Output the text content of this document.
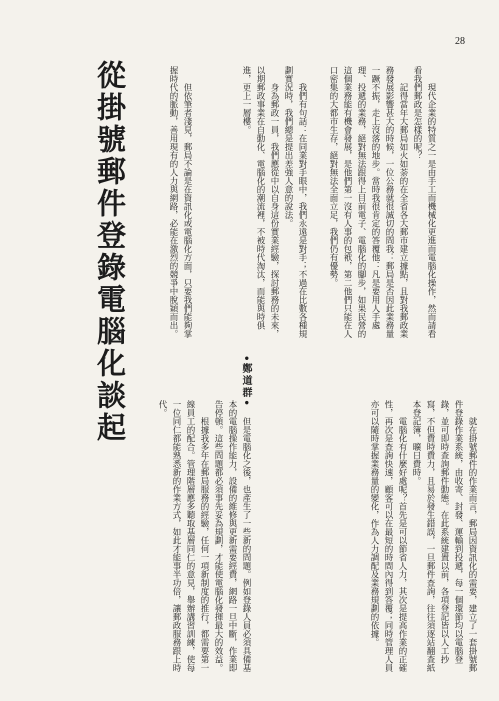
28
從掛號郵件登錄電腦化談起	•鄭道群•

現代企業的特質之一是由手工而機械化更進而電腦化操作，然而請看看我們郵政是怎樣的呢？

記得當年大郵局如火如荼的在全省各大郵市建立據點，且對我郵政業務發展影響甚大的時候，一位公務就很誠切的問我：郵局是否因此業務量一蹶不振，走上沒落的地步。當時我很肯定的答覆他：凡是要用人手處理、投遞的業務，絕對無法跟得上目前電子、電腦化的腳步，如果民營的這個業務能有機會發展，是他們第一沒有人事的包袱，第二他們只能在人口密集的大都市生存，絕對無法全面立足，我們仍有優勢。

我們有句話：在同業對手眼中，我們永遠是對手；不過在比數各種規劃實況時，我們總是提出差強人意的說法。

身為郵政一員，我們應從中以自身這份實業經驗，探討郵務的未來，以期郵政事業在自動化、電腦化的潮流裡，不被時代淘汰，而能與時俱進，更上一層樓。

就在掛號郵件的作業而言，郵局因資訊化的需要，建立了一套掛號郵件登錄作業系統，由收寄、封發、運輸到投遞，每一個環節均以電腦登錄，並可即時查詢郵件動態。在此系統建置以前，各項登記皆以人工抄寫，不但費時費力，且易於發生錯誤，一旦郵件查詢，往往須逐站翻查紙本登記簿，曠日費時。

電腦化有什麼好處呢？首先是可以節省人力，其次是提高作業的正確性，再次是查詢快速，顧客可以在最短的時間內得到答覆；同時管理人員亦可以隨時掌握業務量的變化，作為人力調配及業務規劃的依據。

但是電腦化之後，也產生了一些新的問題。例如登錄人員必須具備基本的電腦操作能力，設備的維修與更新需要經費，網路一旦中斷，作業即告停頓。這些問題都必須事先妥為規劃，才能使電腦化發揮最大的效益。

根據我多年在郵局服務的經驗，任何一項新制度的推行，都需要第一線員工的配合。管理階層應多聽取基層同仁的意見，舉辦講習訓練，使每一位同仁都能熟悉新的作業方式，如此才能事半功倍，讓郵政服務跟上時代。

但依筆者淺見，郵局不論是在資訊化或電腦化方面，只要我們能夠掌握時代的脈動，善用現有的人力與網路，必能在激烈的競爭中脫穎而出。
